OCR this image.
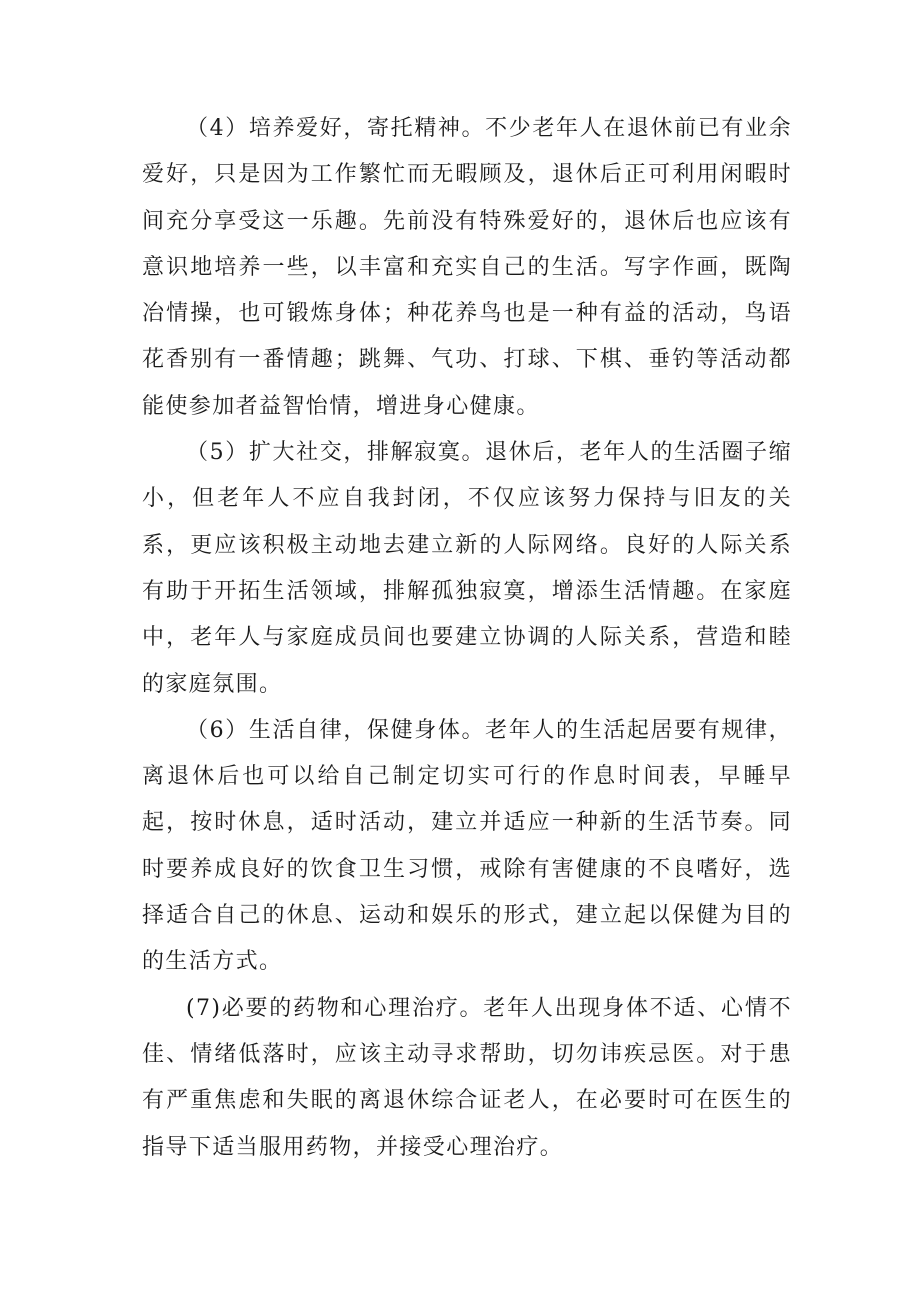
（4）培养爱好，寄托精神。不少老年人在退休前已有业余爱好，只是因为工作繁忙而无暇顾及，退休后正可利用闲暇时间充分享受这一乐趣。先前没有特殊爱好的，退休后也应该有意识地培养一些，以丰富和充实自己的生活。写字作画，既陶冶情操，也可锻炼身体；种花养鸟也是一种有益的活动，鸟语花香别有一番情趣；跳舞、气功、打球、下棋、垂钓等活动都能使参加者益智怡情，增进身心健康。

（5）扩大社交，排解寂寞。退休后，老年人的生活圈子缩小，但老年人不应自我封闭，不仅应该努力保持与旧友的关系，更应该积极主动地去建立新的人际网络。良好的人际关系有助于开拓生活领域，排解孤独寂寞，增添生活情趣。在家庭中，老年人与家庭成员间也要建立协调的人际关系，营造和睦的家庭氛围。

（6）生活自律，保健身体。老年人的生活起居要有规律，离退休后也可以给自己制定切实可行的作息时间表，早睡早起，按时休息，适时活动，建立并适应一种新的生活节奏。同时要养成良好的饮食卫生习惯，戒除有害健康的不良嗜好，选择适合自己的休息、运动和娱乐的形式，建立起以保健为目的的生活方式。

(7)必要的药物和心理治疗。老年人出现身体不适、心情不佳、情绪低落时，应该主动寻求帮助，切勿讳疾忌医。对于患有严重焦虑和失眠的离退休综合证老人，在必要时可在医生的指导下适当服用药物，并接受心理治疗。
